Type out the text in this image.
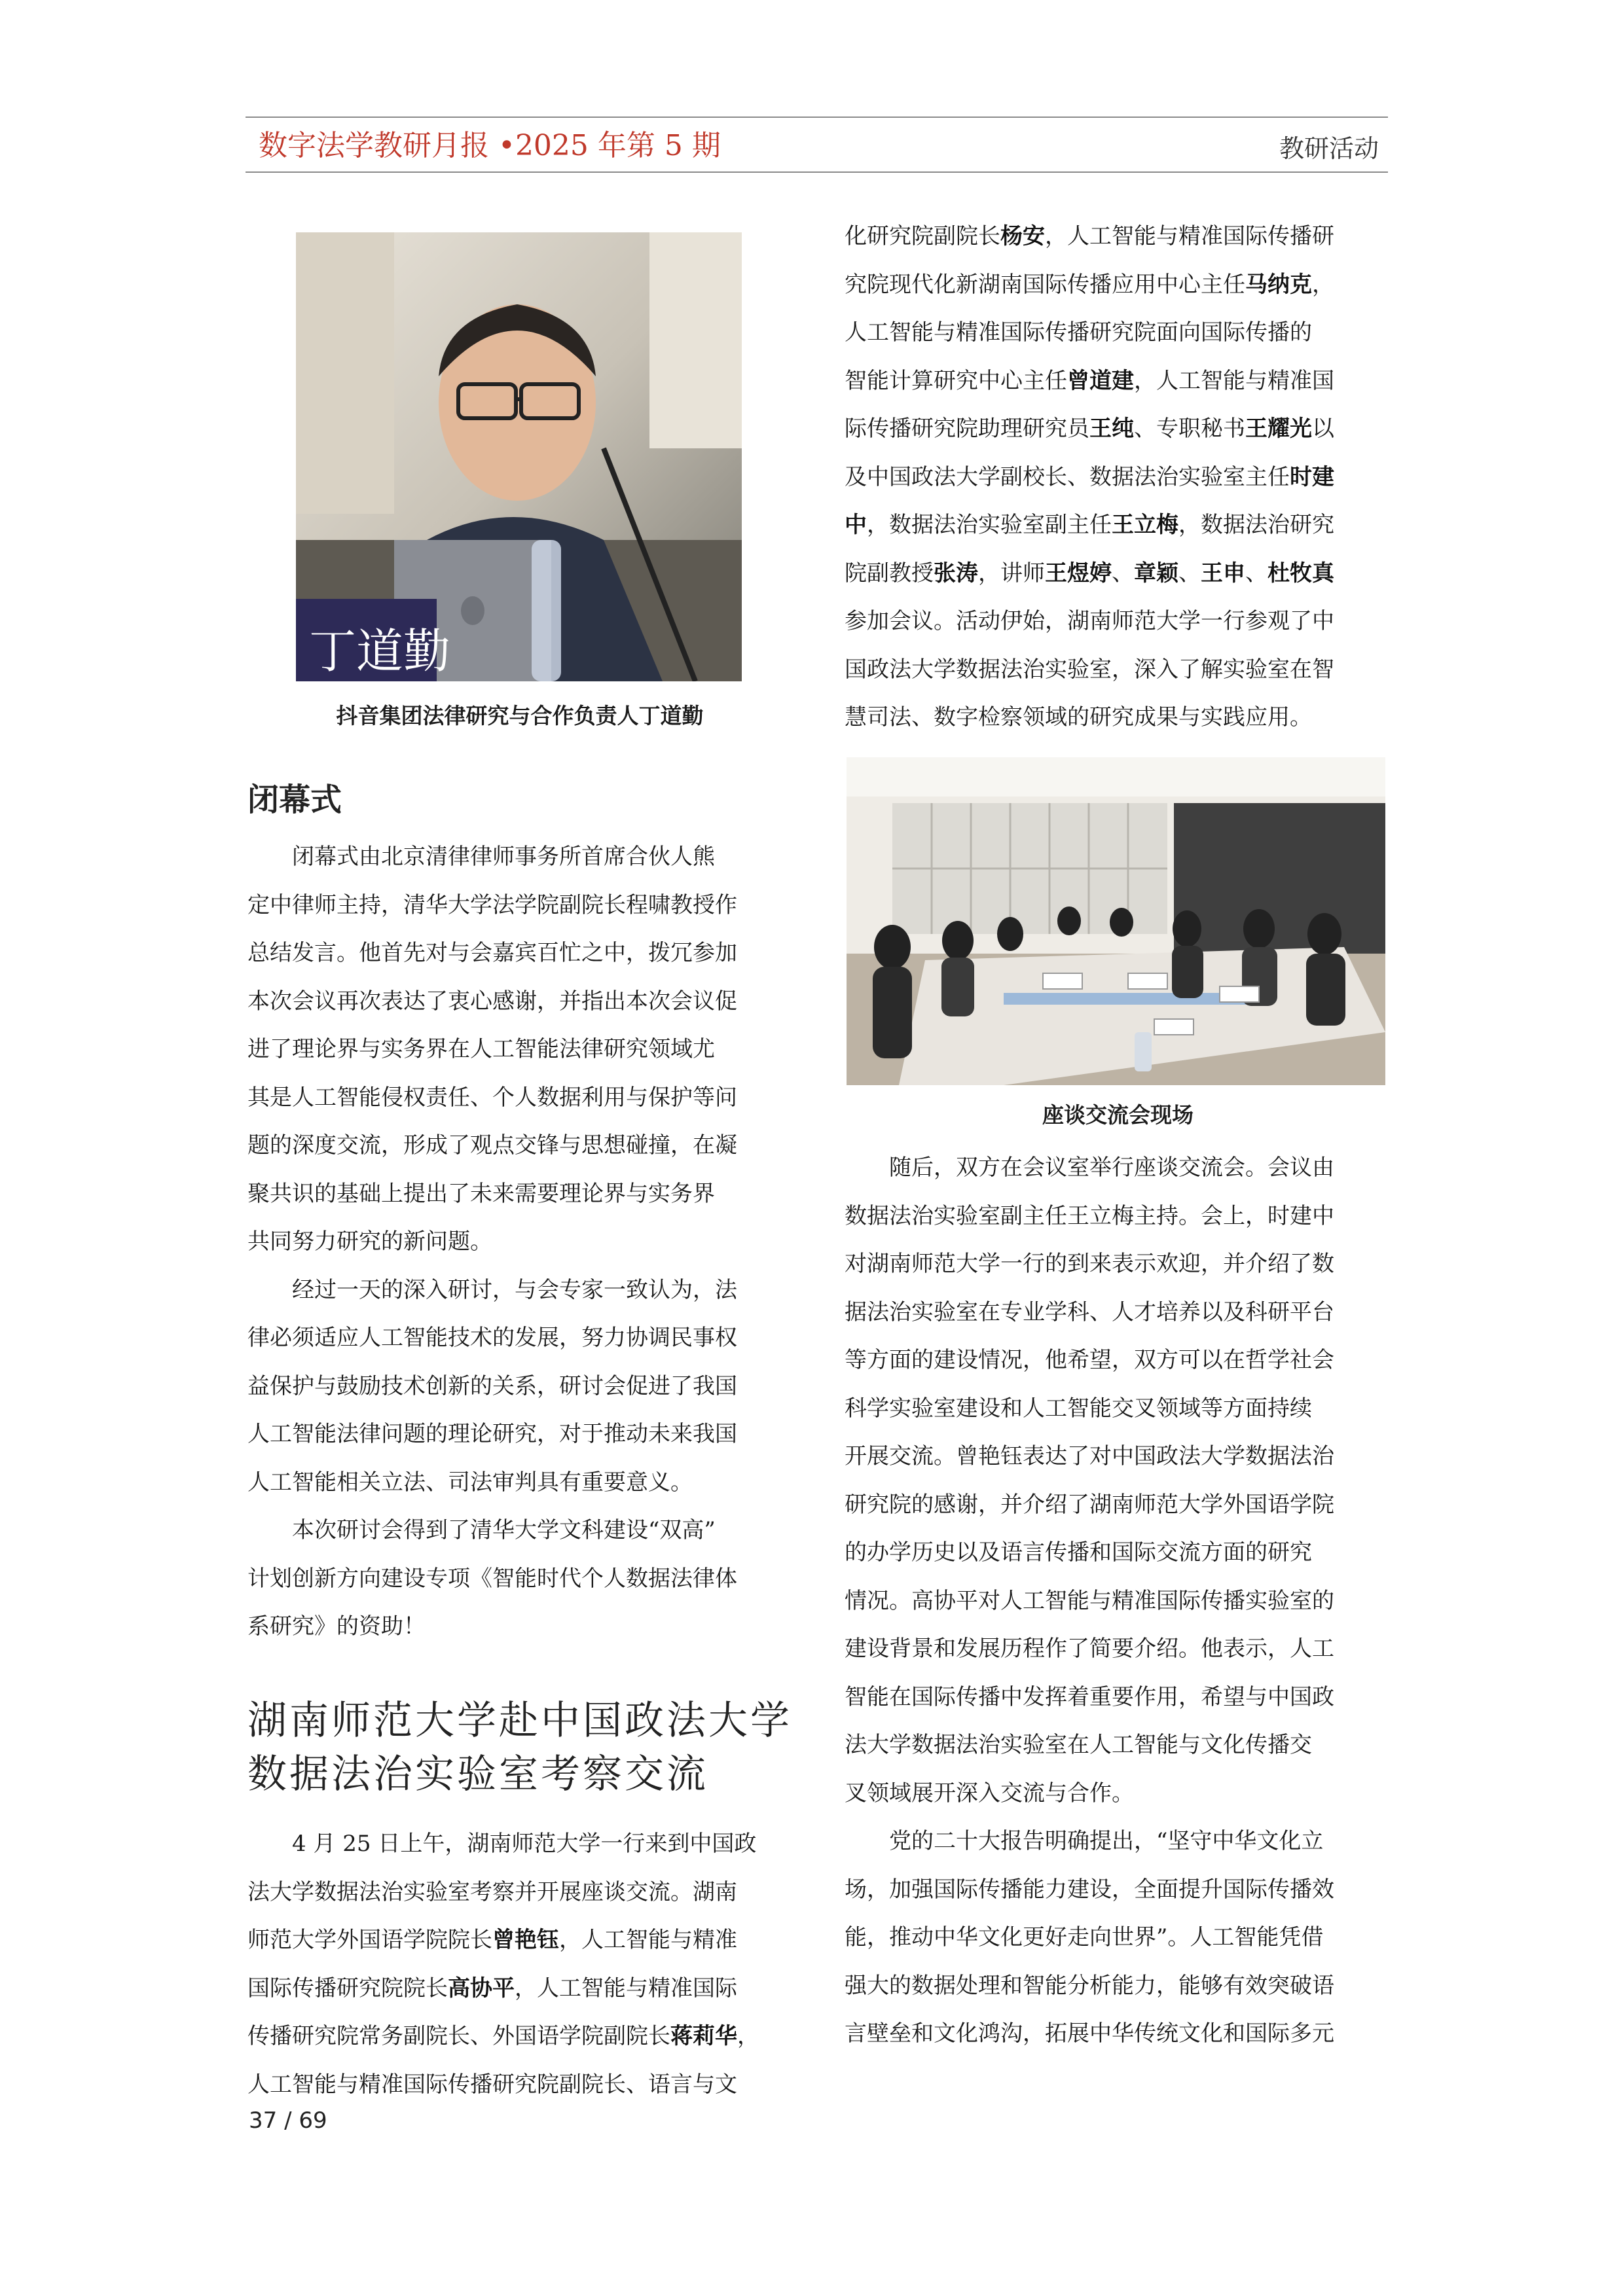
数字法学教研月报 •2025 年第 5 期	教研活动
丁道勤
抖音集团法律研究与合作负责人丁道勤
闭幕式

闭幕式由北京清律律师事务所首席合伙人熊
定中律师主持，清华大学法学院副院长程啸教授作
总结发言。他首先对与会嘉宾百忙之中，拨冗参加
本次会议再次表达了衷心感谢，并指出本次会议促
进了理论界与实务界在人工智能法律研究领域尤
其是人工智能侵权责任、个人数据利用与保护等问
题的深度交流，形成了观点交锋与思想碰撞，在凝
聚共识的基础上提出了未来需要理论界与实务界
共同努力研究的新问题。

经过一天的深入研讨，与会专家一致认为，法
律必须适应人工智能技术的发展，努力协调民事权
益保护与鼓励技术创新的关系，研讨会促进了我国
人工智能法律问题的理论研究，对于推动未来我国
人工智能相关立法、司法审判具有重要意义。

本次研讨会得到了清华大学文科建设“双高”
计划创新方向建设专项《智能时代个人数据法律体
系研究》的资助！

湖南师范大学赴中国政法大学
数据法治实验室考察交流

4 月 25 日上午，湖南师范大学一行来到中国政
法大学数据法治实验室考察并开展座谈交流。湖南
师范大学外国语学院院长曾艳钰，人工智能与精准
国际传播研究院院长高协平，人工智能与精准国际
传播研究院常务副院长、外国语学院副院长蒋莉华，
人工智能与精准国际传播研究院副院长、语言与文

化研究院副院长杨安，人工智能与精准国际传播研
究院现代化新湖南国际传播应用中心主任马纳克，
人工智能与精准国际传播研究院面向国际传播的
智能计算研究中心主任曾道建，人工智能与精准国
际传播研究院助理研究员王纯、专职秘书王耀光以
及中国政法大学副校长、数据法治实验室主任时建
中，数据法治实验室副主任王立梅，数据法治研究
院副教授张涛，讲师王煜婷、章颖、王申、杜牧真
参加会议。活动伊始，湖南师范大学一行参观了中
国政法大学数据法治实验室，深入了解实验室在智
慧司法、数字检察领域的研究成果与实践应用。

座谈交流会现场

随后，双方在会议室举行座谈交流会。会议由
数据法治实验室副主任王立梅主持。会上，时建中
对湖南师范大学一行的到来表示欢迎，并介绍了数
据法治实验室在专业学科、人才培养以及科研平台
等方面的建设情况，他希望，双方可以在哲学社会
科学实验室建设和人工智能交叉领域等方面持续
开展交流。曾艳钰表达了对中国政法大学数据法治
研究院的感谢，并介绍了湖南师范大学外国语学院
的办学历史以及语言传播和国际交流方面的研究
情况。高协平对人工智能与精准国际传播实验室的
建设背景和发展历程作了简要介绍。他表示，人工
智能在国际传播中发挥着重要作用，希望与中国政
法大学数据法治实验室在人工智能与文化传播交
叉领域展开深入交流与合作。

党的二十大报告明确提出，“坚守中华文化立
场，加强国际传播能力建设，全面提升国际传播效
能，推动中华文化更好走向世界”。人工智能凭借
强大的数据处理和智能分析能力，能够有效突破语
言壁垒和文化鸿沟，拓展中华传统文化和国际多元

37 / 69
